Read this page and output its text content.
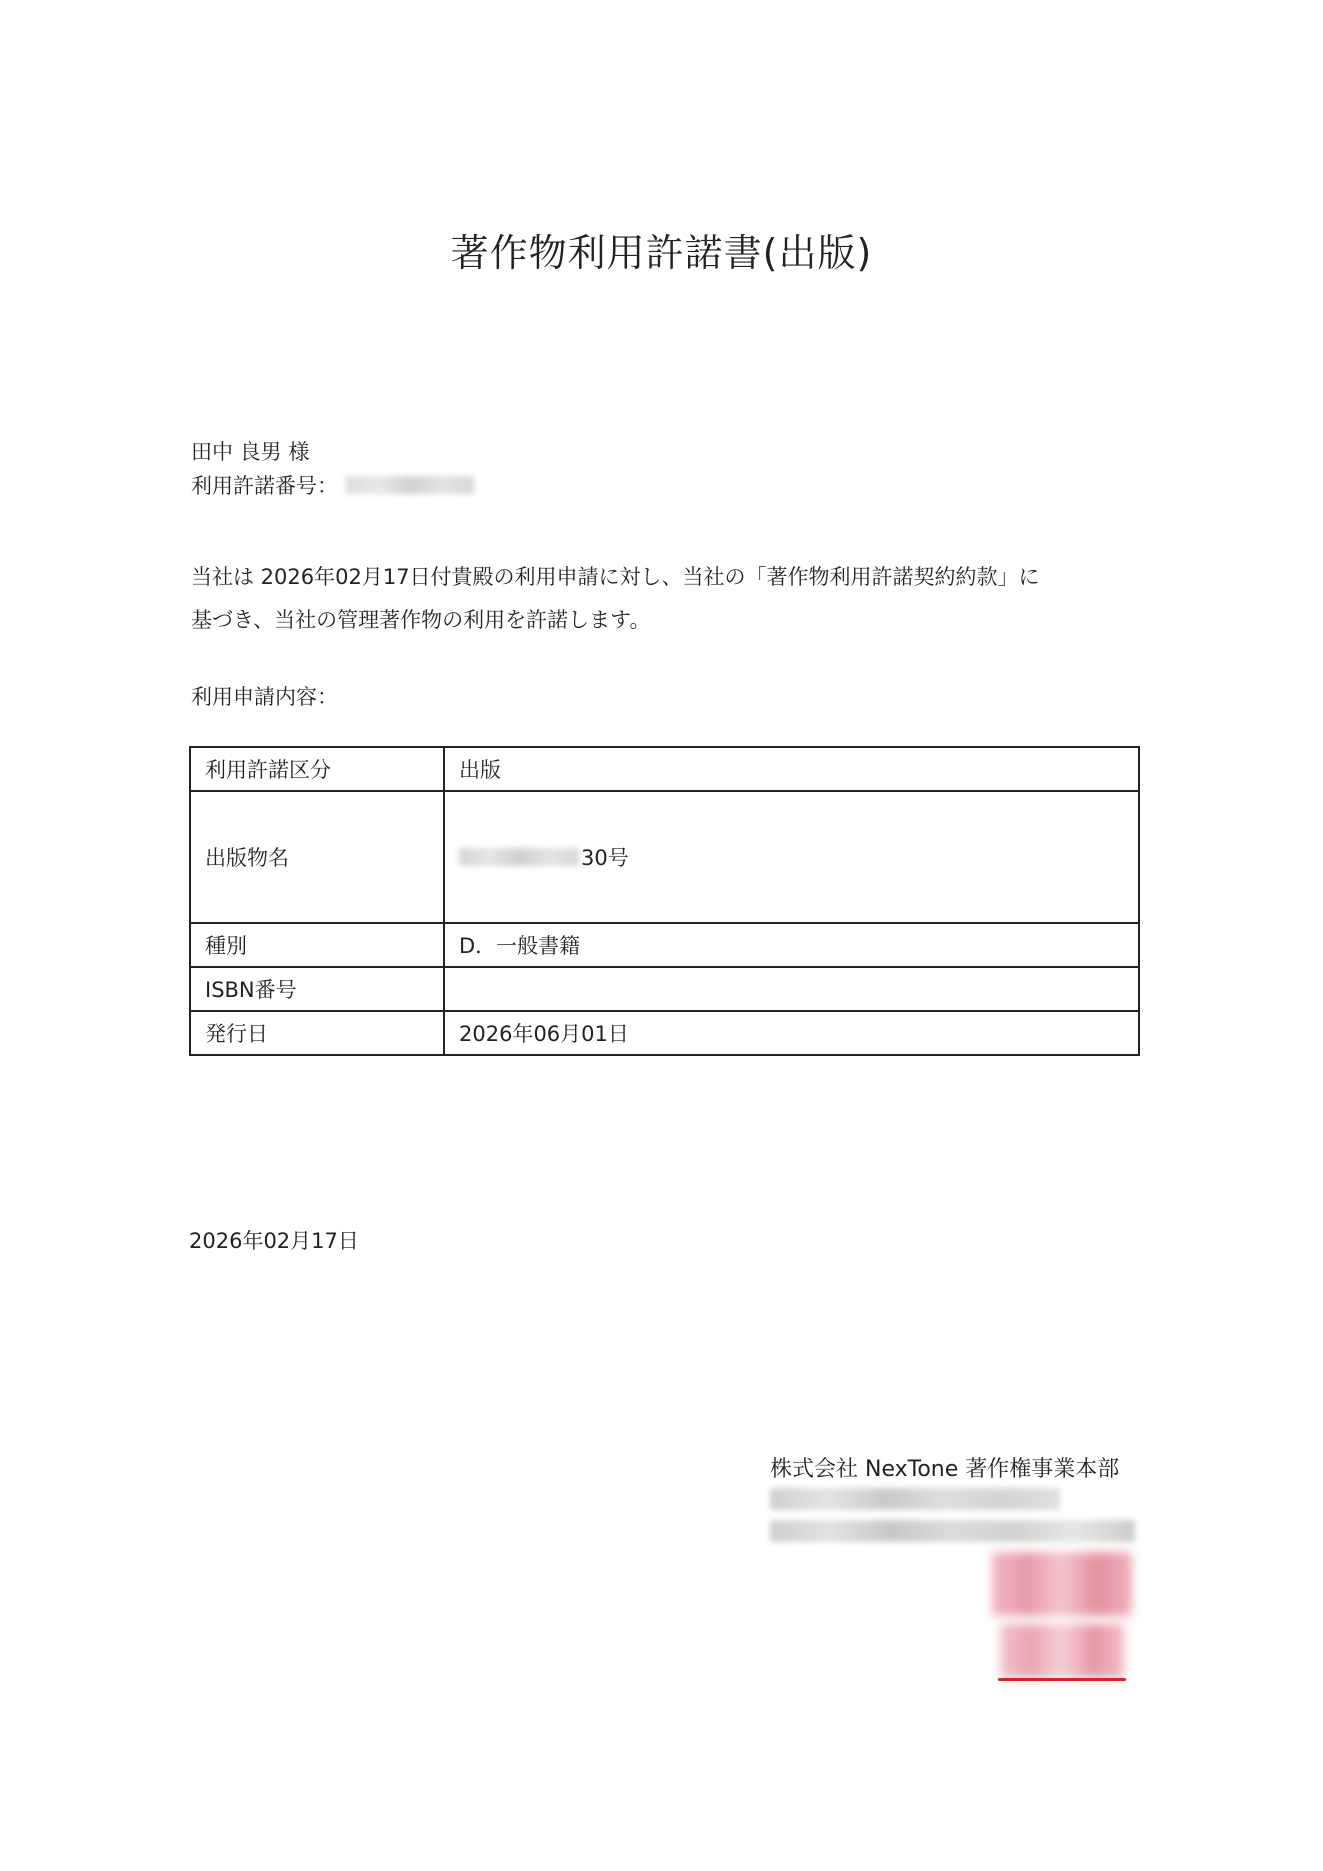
著作物利用許諾書(出版)
田中 良男 様
利用許諾番号：
当社は 2026年02月17日付貴殿の利用申請に対し、当社の「著作物利用許諾契約約款」に
基づき、当社の管理著作物の利用を許諾します。
利用申請内容：
利用許諾区分	出版
出版物名	30号

種別	D．一般書籍
ISBN番号	
発行日	2026年06月01日
2026年02月17日
株式会社 NexTone 著作権事業本部
